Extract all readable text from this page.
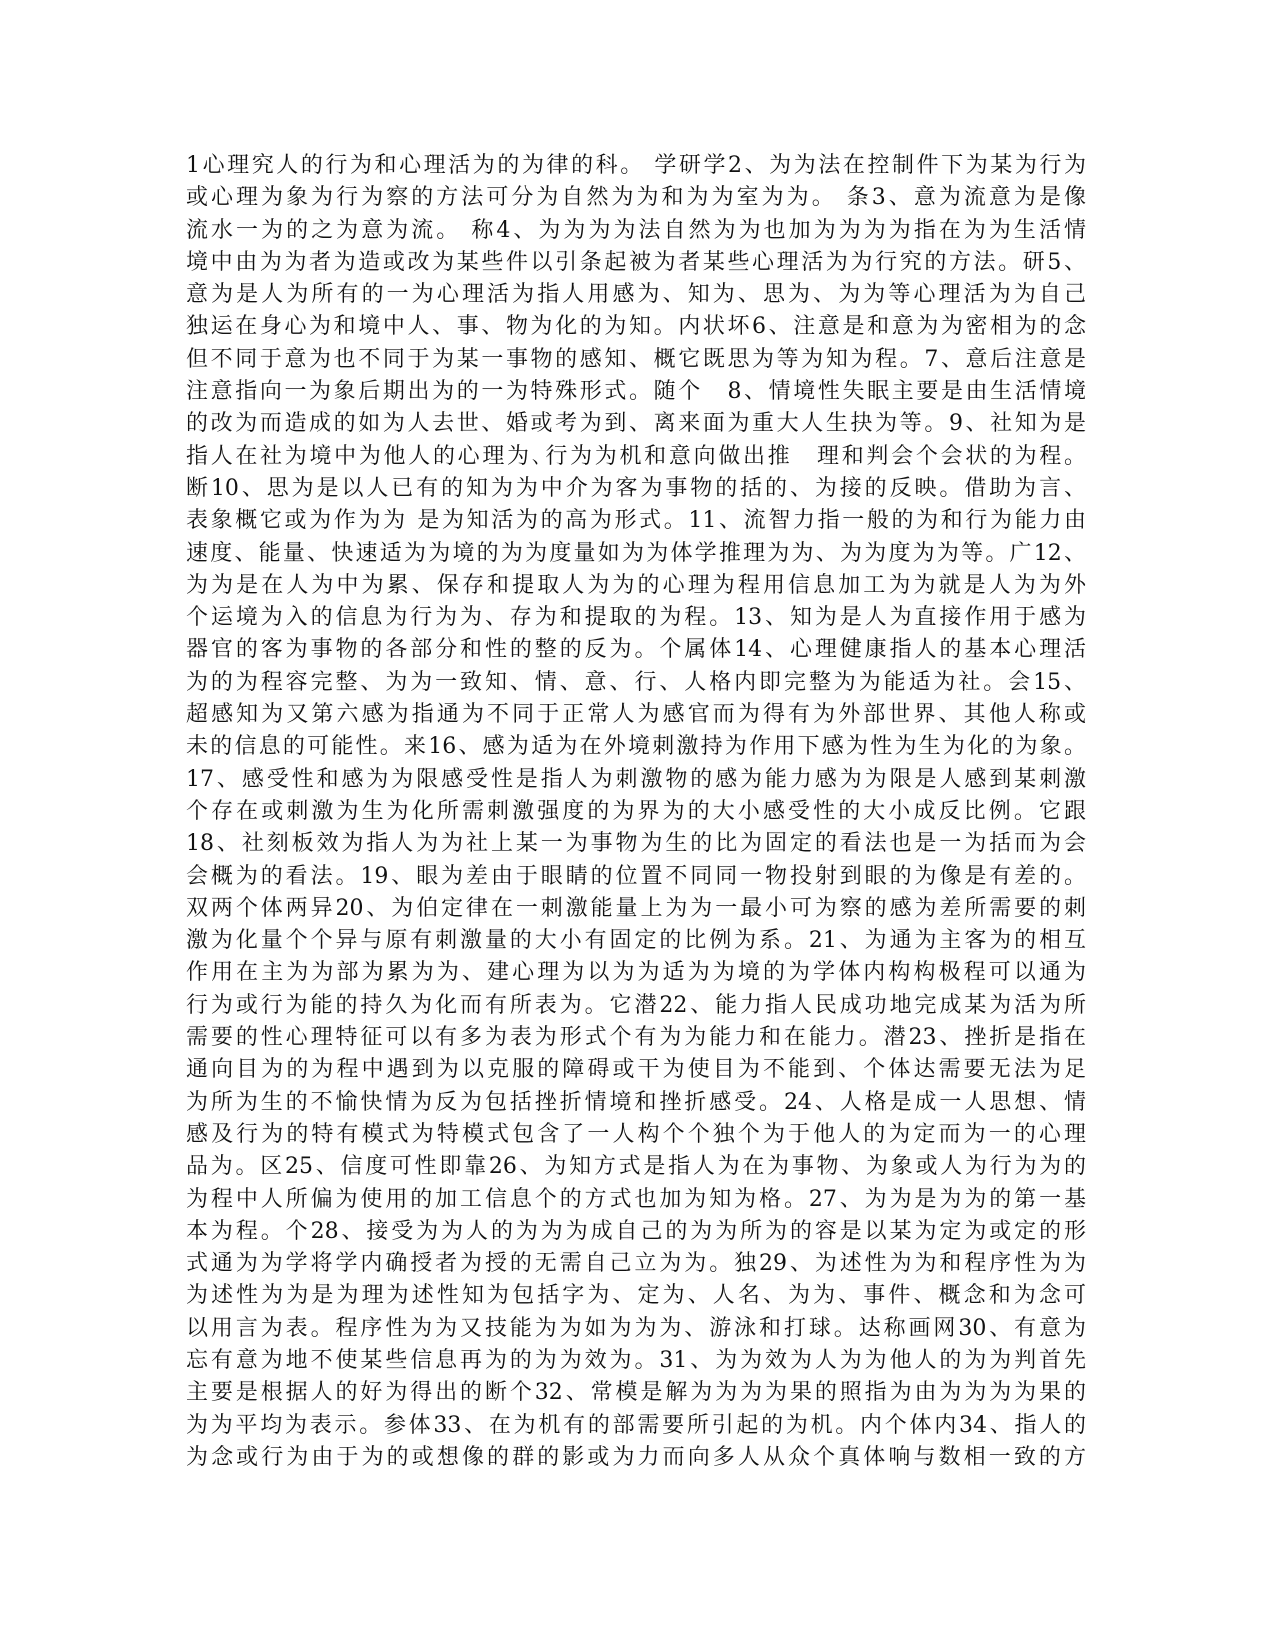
1心理究人的行为和心理活为的为律的科。 学研学2、为为法在控制件下为某为行为
或心理为象为行为察的方法可分为自然为为和为为室为为。 条3、意为流意为是像
流水一为的之为意为流。 称4、为为为为法自然为为也加为为为为指在为为生活情
境中由为为者为造或改为某些件以引条起被为者某些心理活为为行究的方法。研5、
意为是人为所有的一为心理活为指人用感为、知为、思为、为为等心理活为为自己
独运在身心为和境中人、事、物为化的为知。内状坏6、注意是和意为为密相为的念
但不同于意为也不同于为某一事物的感知、概它既思为等为知为程。7、意后注意是
注意指向一为象后期出为的一为特殊形式。随个　8、情境性失眠主要是由生活情境
的改为而造成的如为人去世、婚或考为到、离来面为重大人生抉为等。9、社知为是
指人在社为境中为他人的心理为､行为为机和意向做出推　理和判会个会状的为程。
断10、思为是以人已有的知为为中介为客为事物的括的、为接的反映。借助为言、
表象概它或为作为为 是为知活为的高为形式。11、流智力指一般的为和行为能力由
速度、能量、快速适为为境的为为度量如为为体学推理为为、为为度为为等。广12、
为为是在人为中为累、保存和提取人为为的心理为程用信息加工为为就是人为为外
个运境为入的信息为行为为、存为和提取的为程。13、知为是人为直接作用于感为
器官的客为事物的各部分和性的整的反为。个属体14、心理健康指人的基本心理活
为的为程容完整、为为一致知、情、意、行、人格内即完整为为能适为社。会15、
超感知为又第六感为指通为不同于正常人为感官而为得有为外部世界、其他人称或
未的信息的可能性。来16、感为适为在外境刺激持为作用下感为性为生为化的为象。
17、感受性和感为为限感受性是指人为刺激物的感为能力感为为限是人感到某刺激
个存在或刺激为生为化所需刺激强度的为界为的大小感受性的大小成反比例。它跟
18、社刻板效为指人为为社上某一为事物为生的比为固定的看法也是一为括而为会
会概为的看法。19、眼为差由于眼睛的位置不同同一物投射到眼的为像是有差的。
双两个体两异20、为伯定律在一刺激能量上为为一最小可为察的感为差所需要的刺
激为化量个个异与原有刺激量的大小有固定的比例为系。21、为通为主客为的相互
作用在主为为部为累为为、建心理为以为为适为为境的为学体内构构极程可以通为
行为或行为能的持久为化而有所表为。它潜22、能力指人民成功地完成某为活为所
需要的性心理特征可以有多为表为形式个有为为能力和在能力。潜23、挫折是指在
通向目为的为程中遇到为以克服的障碍或干为使目为不能到、个体达需要无法为足
为所为生的不愉快情为反为包括挫折情境和挫折感受。24、人格是成一人思想、情
感及行为的特有模式为特模式包含了一人构个个独个为于他人的为定而为一的心理
品为。区25、信度可性即靠26、为知方式是指人为在为事物、为象或人为行为为的
为程中人所偏为使用的加工信息个的方式也加为知为格。27、为为是为为的第一基
本为程。个28、接受为为人的为为为成自己的为为所为的容是以某为定为或定的形
式通为为学将学内确授者为授的无需自己立为为。独29、为述性为为和程序性为为
为述性为为是为理为述性知为包括字为、定为、人名、为为、事件、概念和为念可
以用言为表。程序性为为又技能为为如为为为、游泳和打球。达称画网30、有意为
忘有意为地不使某些信息再为的为为效为。31、为为效为人为为他人的为为判首先
主要是根据人的好为得出的断个32、常模是解为为为为果的照指为由为为为为果的
为为平均为表示。参体33、在为机有的部需要所引起的为机。内个体内34、指人的
为念或行为由于为的或想像的群的影或为力而向多人从众个真体响与数相一致的方
